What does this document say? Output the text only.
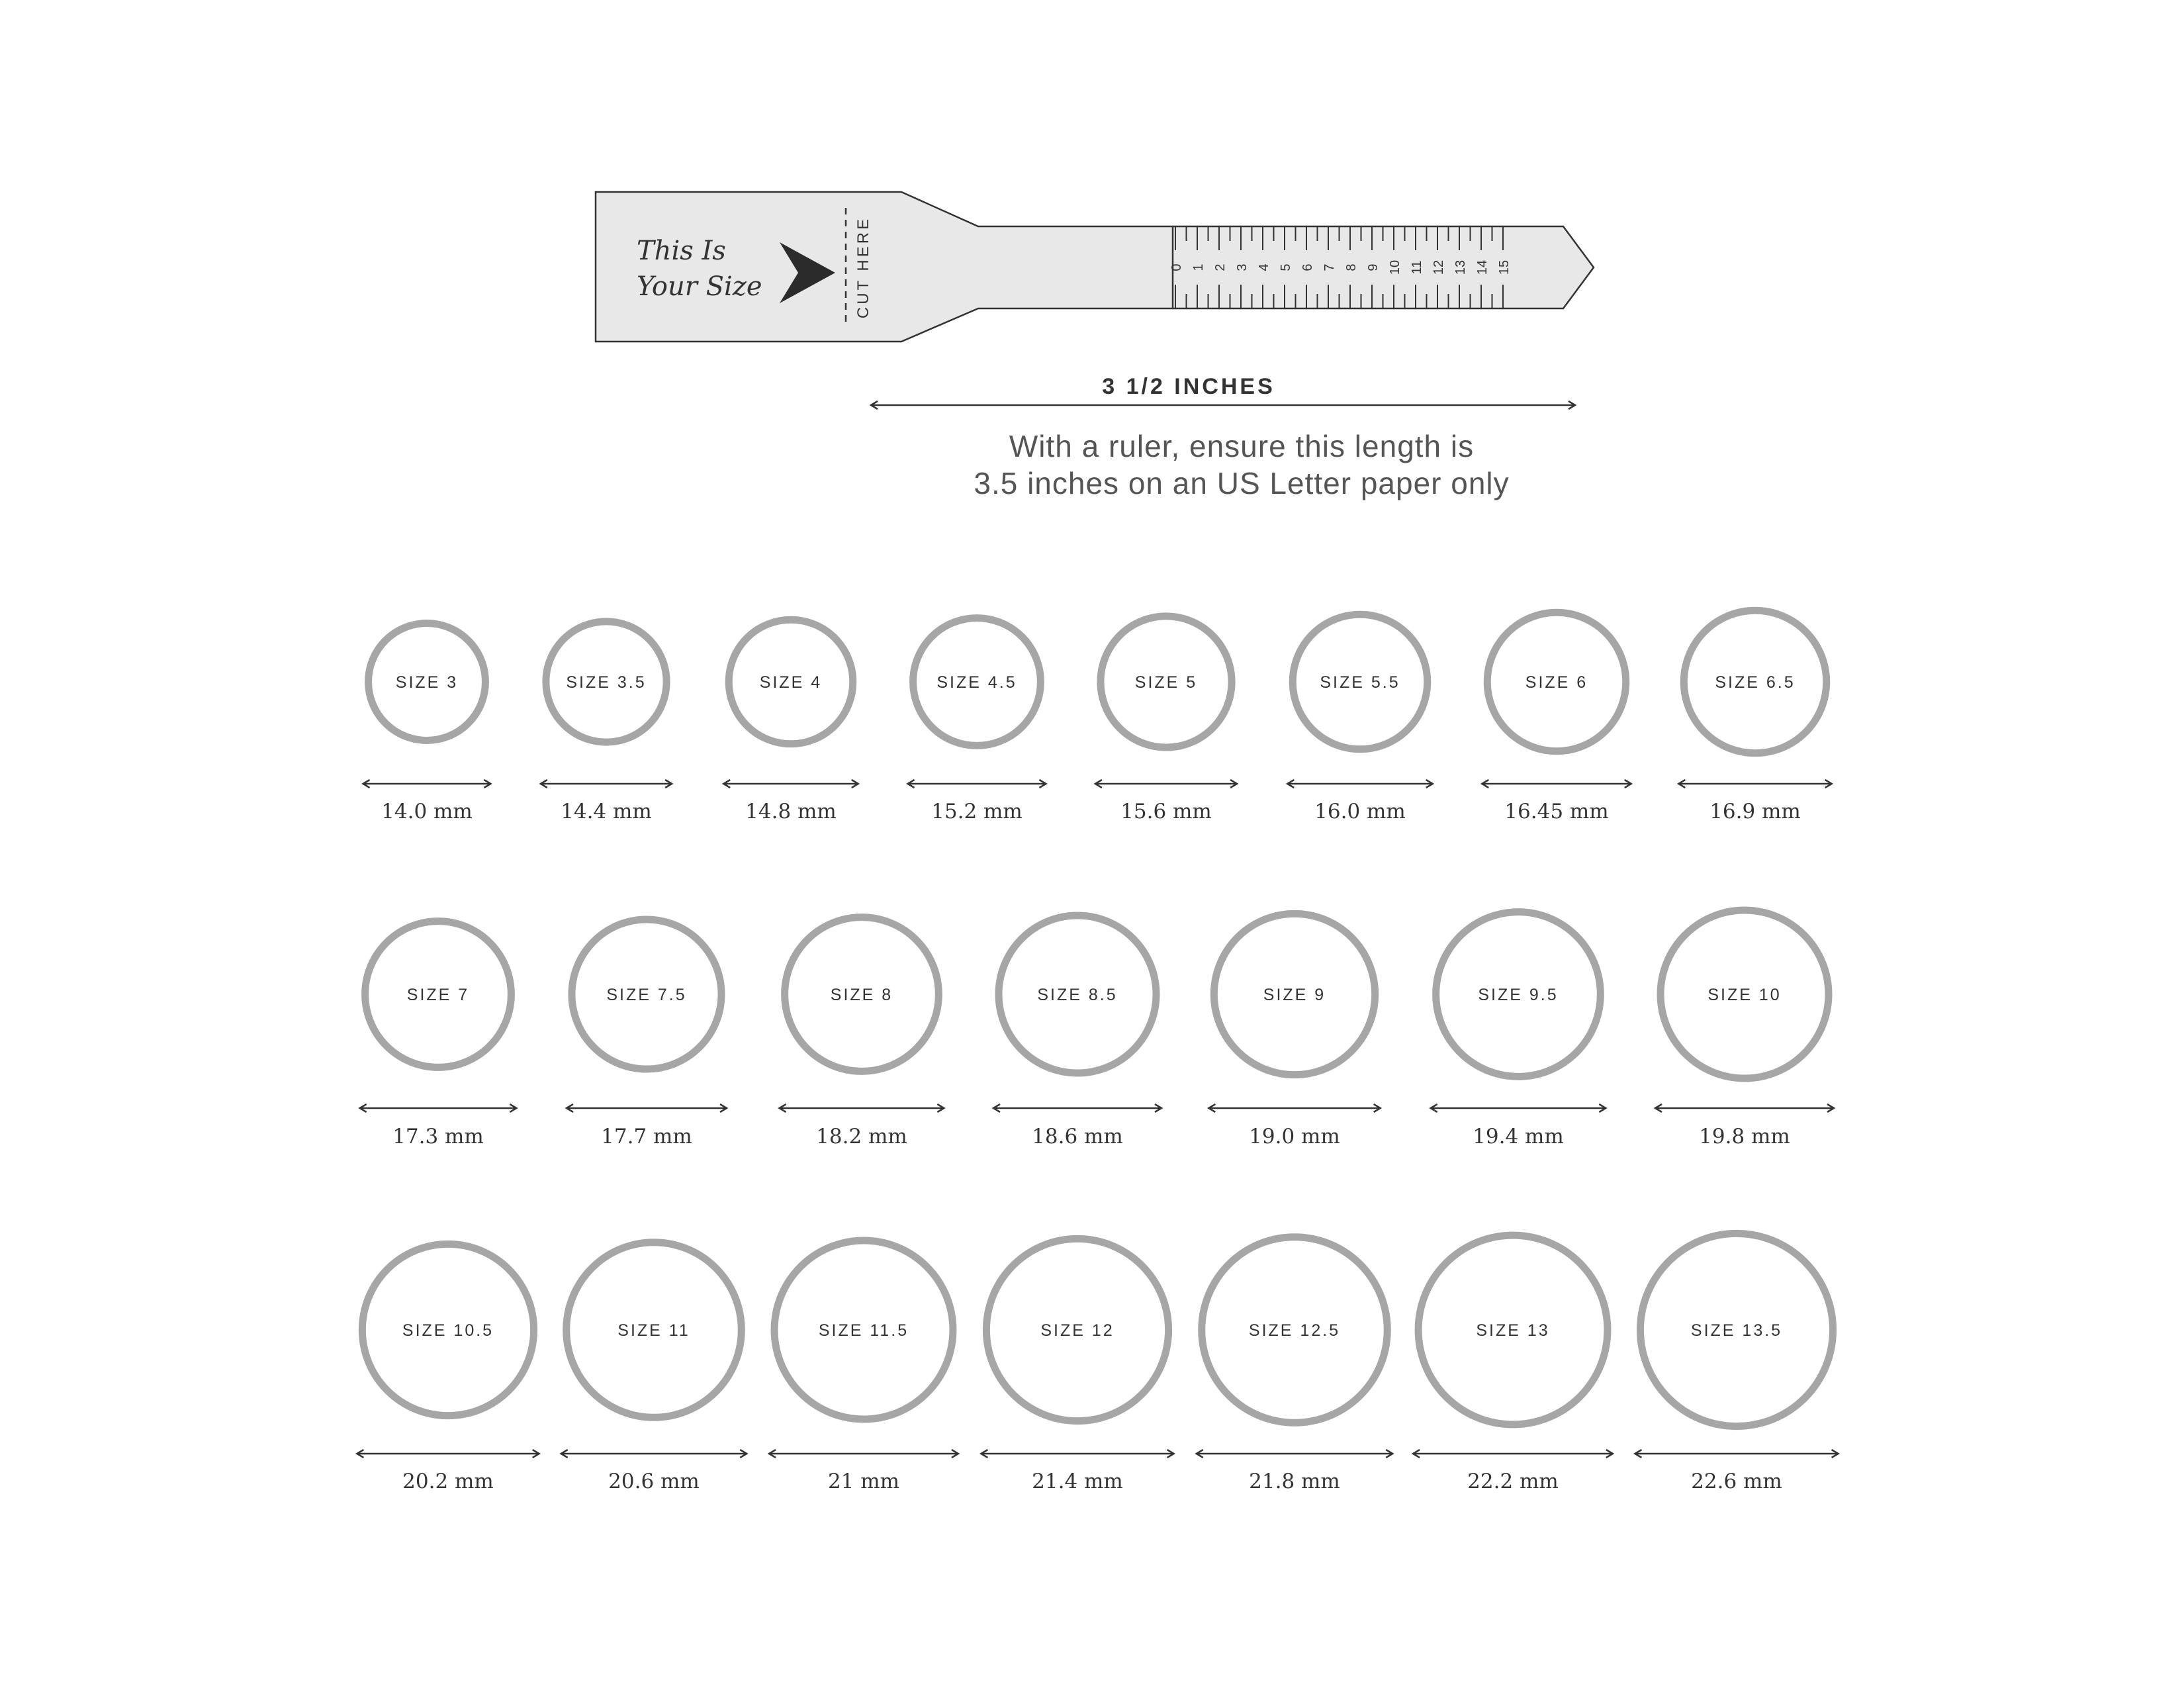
This Is
Your Size	CUT HERE	0 1 2 3 4 5 6 7 8 9 10 11 12 13 14 15
3 1/2 INCHES
With a ruler, ensure this length is
3.5 inches on an US Letter paper only
SIZE 3
14.0 mm
SIZE 3.5
14.4 mm
SIZE 4
14.8 mm
SIZE 4.5
15.2 mm
SIZE 5
15.6 mm
SIZE 5.5
16.0 mm
SIZE 6
16.45 mm
SIZE 6.5
16.9 mm
SIZE 7
17.3 mm
SIZE 7.5
17.7 mm
SIZE 8
18.2 mm
SIZE 8.5
18.6 mm
SIZE 9
19.0 mm
SIZE 9.5
19.4 mm
SIZE 10
19.8 mm
SIZE 10.5
20.2 mm
SIZE 11
20.6 mm
SIZE 11.5
21 mm
SIZE 12
21.4 mm
SIZE 12.5
21.8 mm
SIZE 13
22.2 mm
SIZE 13.5
22.6 mm
